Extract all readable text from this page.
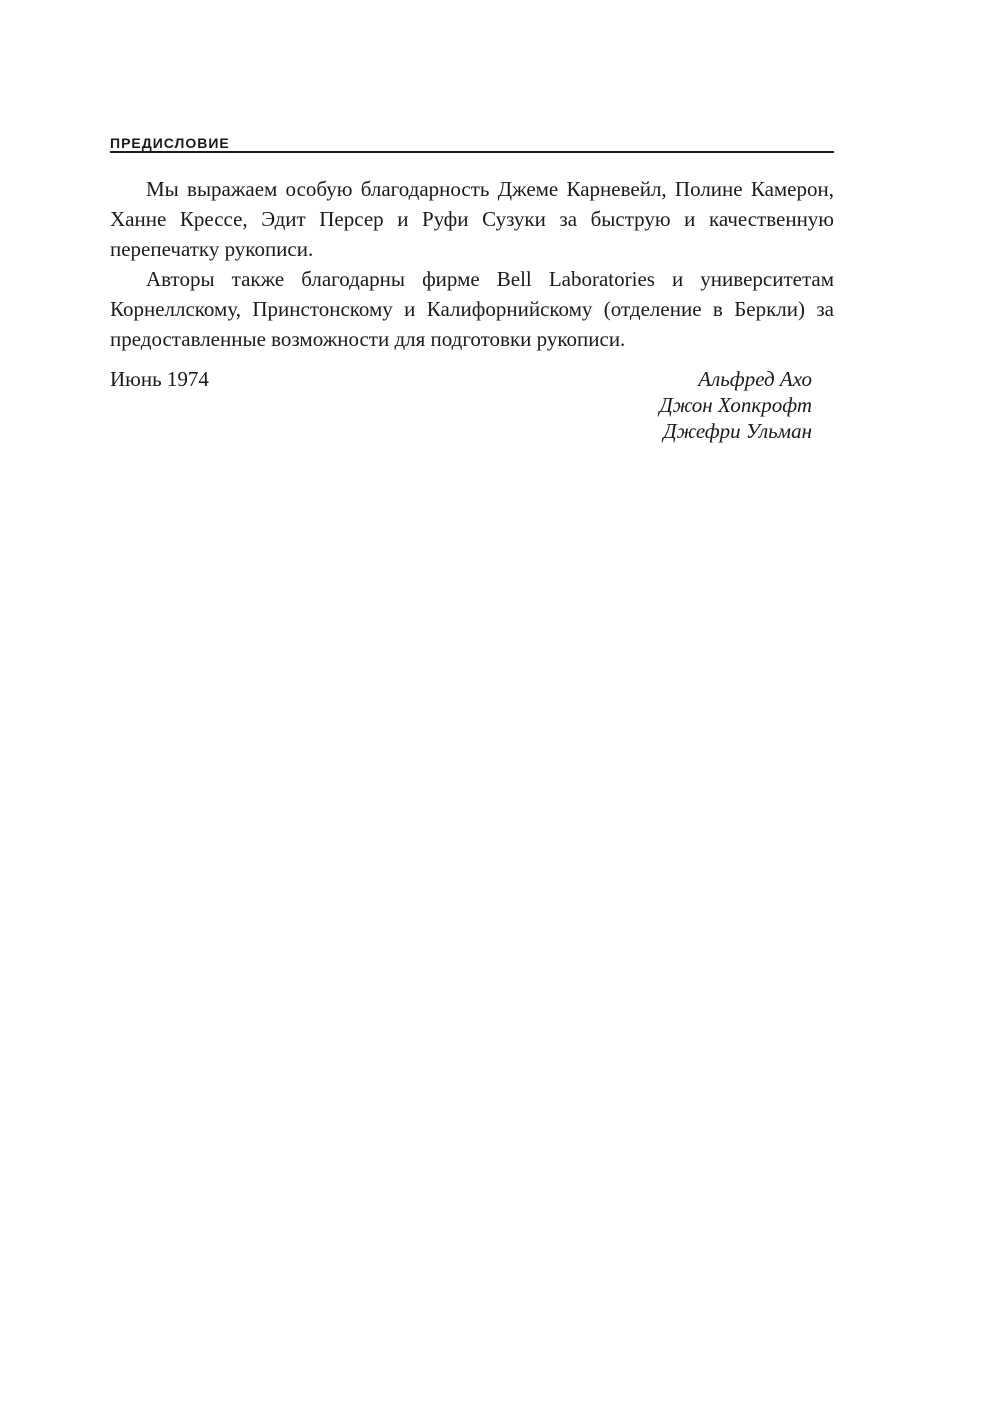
ПРЕДИСЛОВИЕ

Мы выражаем особую благодарность Джеме Карневейл, Полине Камерон, Ханне Крессе, Эдит Персер и Руфи Сузуки за быструю и качественную перепечатку рукописи.

Авторы также благодарны фирме Bell Laboratories и университетам Корнеллскому, Принстонскому и Калифорнийскому (отделение в Беркли) за предоставленные возможности для подготовки рукописи.

Июнь 1974	Альфред Ахо
Джон Хопкрофт
Джефри Ульман
